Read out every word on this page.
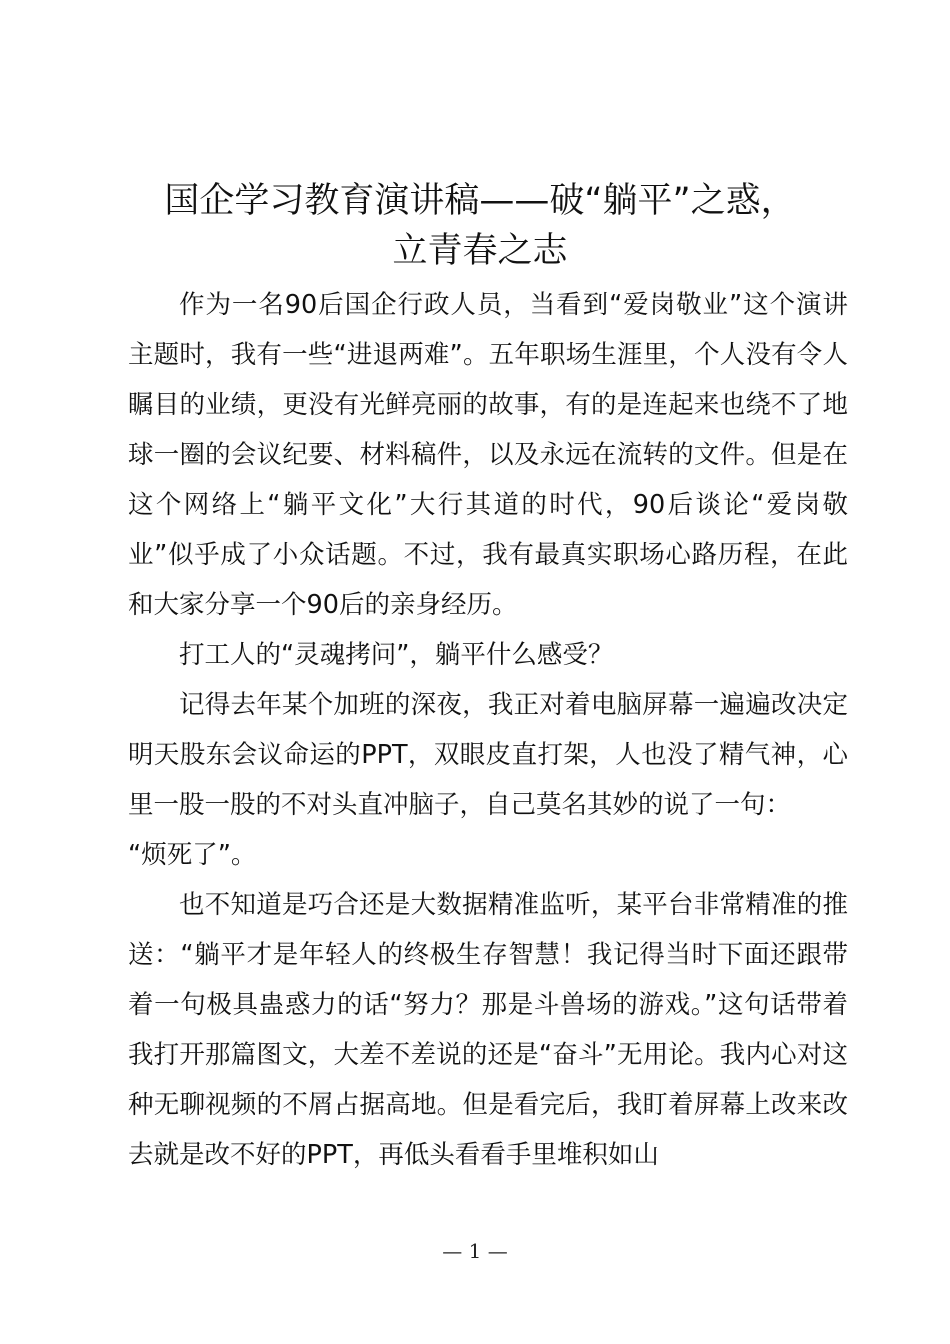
国企学习教育演讲稿——破“躺平”之惑，
立青春之志

作为一名90后国企行政人员，当看到“爱岗敬业”这个演讲主题时，我有一些“进退两难”。五年职场生涯里，个人没有令人瞩目的业绩，更没有光鲜亮丽的故事，有的是连起来也绕不了地球一圈的会议纪要、材料稿件，以及永远在流转的文件。但是在这个网络上“躺平文化”大行其道的时代，90后谈论“爱岗敬业”似乎成了小众话题。不过，我有最真实职场心路历程，在此和大家分享一个90后的亲身经历。

打工人的“灵魂拷问”，躺平什么感受？

记得去年某个加班的深夜，我正对着电脑屏幕一遍遍改决定明天股东会议命运的PPT，双眼皮直打架，人也没了精气神，心里一股一股的不对头直冲脑子，自己莫名其妙的说了一句：

“烦死了”。

也不知道是巧合还是大数据精准监听，某平台非常精准的推送：“躺平才是年轻人的终极生存智慧！我记得当时下面还跟带着一句极具蛊惑力的话“努力？那是斗兽场的游戏。”这句话带着我打开那篇图文，大差不差说的还是“奋斗”无用论。我内心对这种无聊视频的不屑占据高地。但是看完后，我盯着屏幕上改来改去就是改不好的PPT，再低头看看手里堆积如山

— 1 —
